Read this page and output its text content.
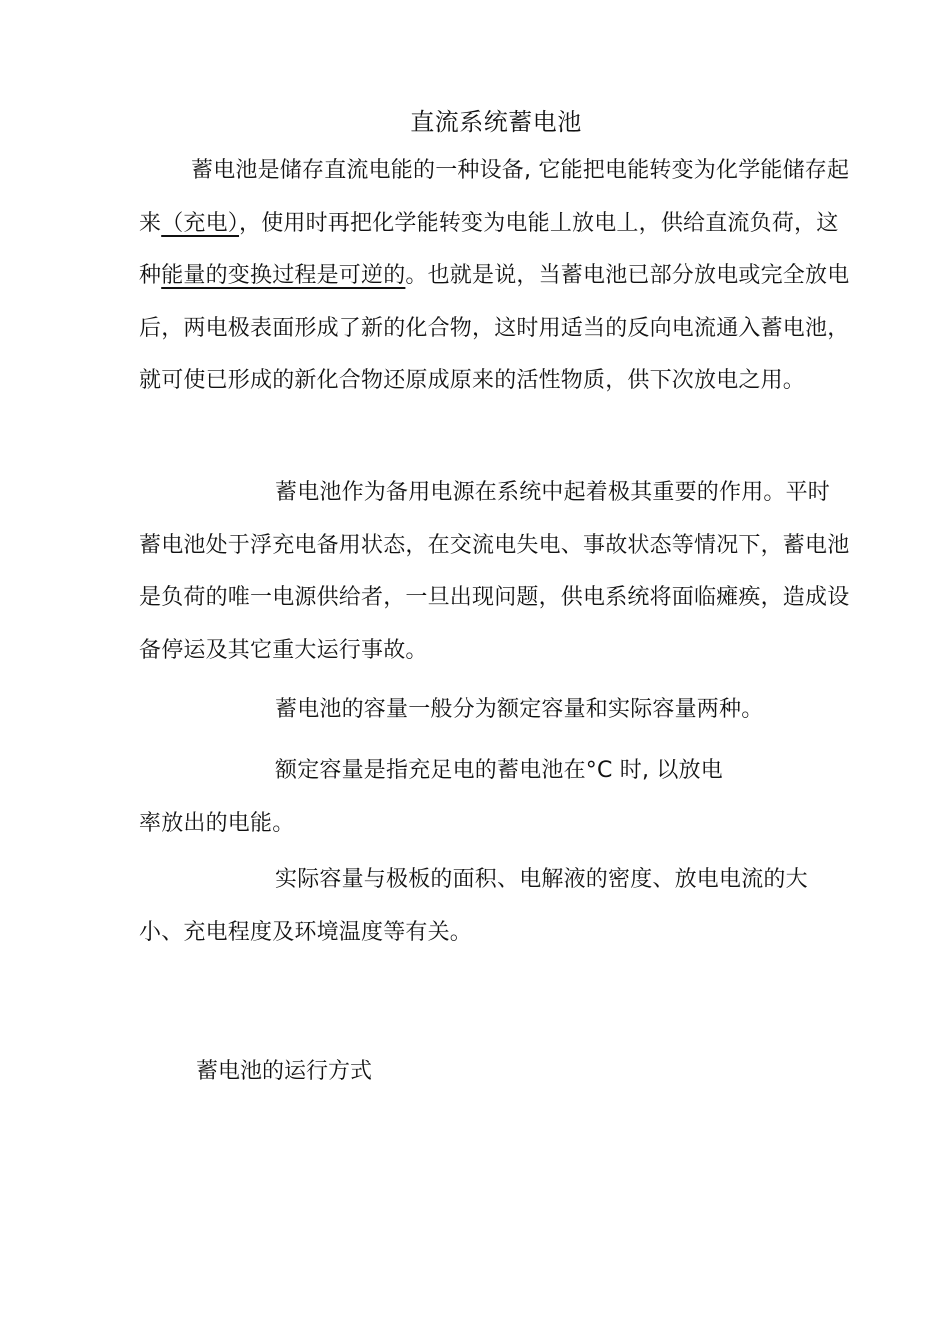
直流系统蓄电池

蓄电池是储存直流电能的一种设备, 它能把电能转变为化学能储存起来（充电），使用时再把化学能转变为电能丄放电丄，供给直流负荷，这种能量的变换过程是可逆的。也就是说，当蓄电池已部分放电或完全放电后，两电极表面形成了新的化合物，这时用适当的反向电流通入蓄电池，就可使已形成的新化合物还原成原来的活性物质，供下次放电之用。

蓄电池作为备用电源在系统中起着极其重要的作用。平时蓄电池处于浮充电备用状态，在交流电失电、事故状态等情况下，蓄电池是负荷的唯一电源供给者，一旦出现问题，供电系统将面临瘫痪，造成设备停运及其它重大运行事故。

蓄电池的容量一般分为额定容量和实际容量两种。

额定容量是指充足电的蓄电池在°C 时, 以放电率放出的电能。

实际容量与极板的面积、电解液的密度、放电电流的大小、充电程度及环境温度等有关。

蓄电池的运行方式
